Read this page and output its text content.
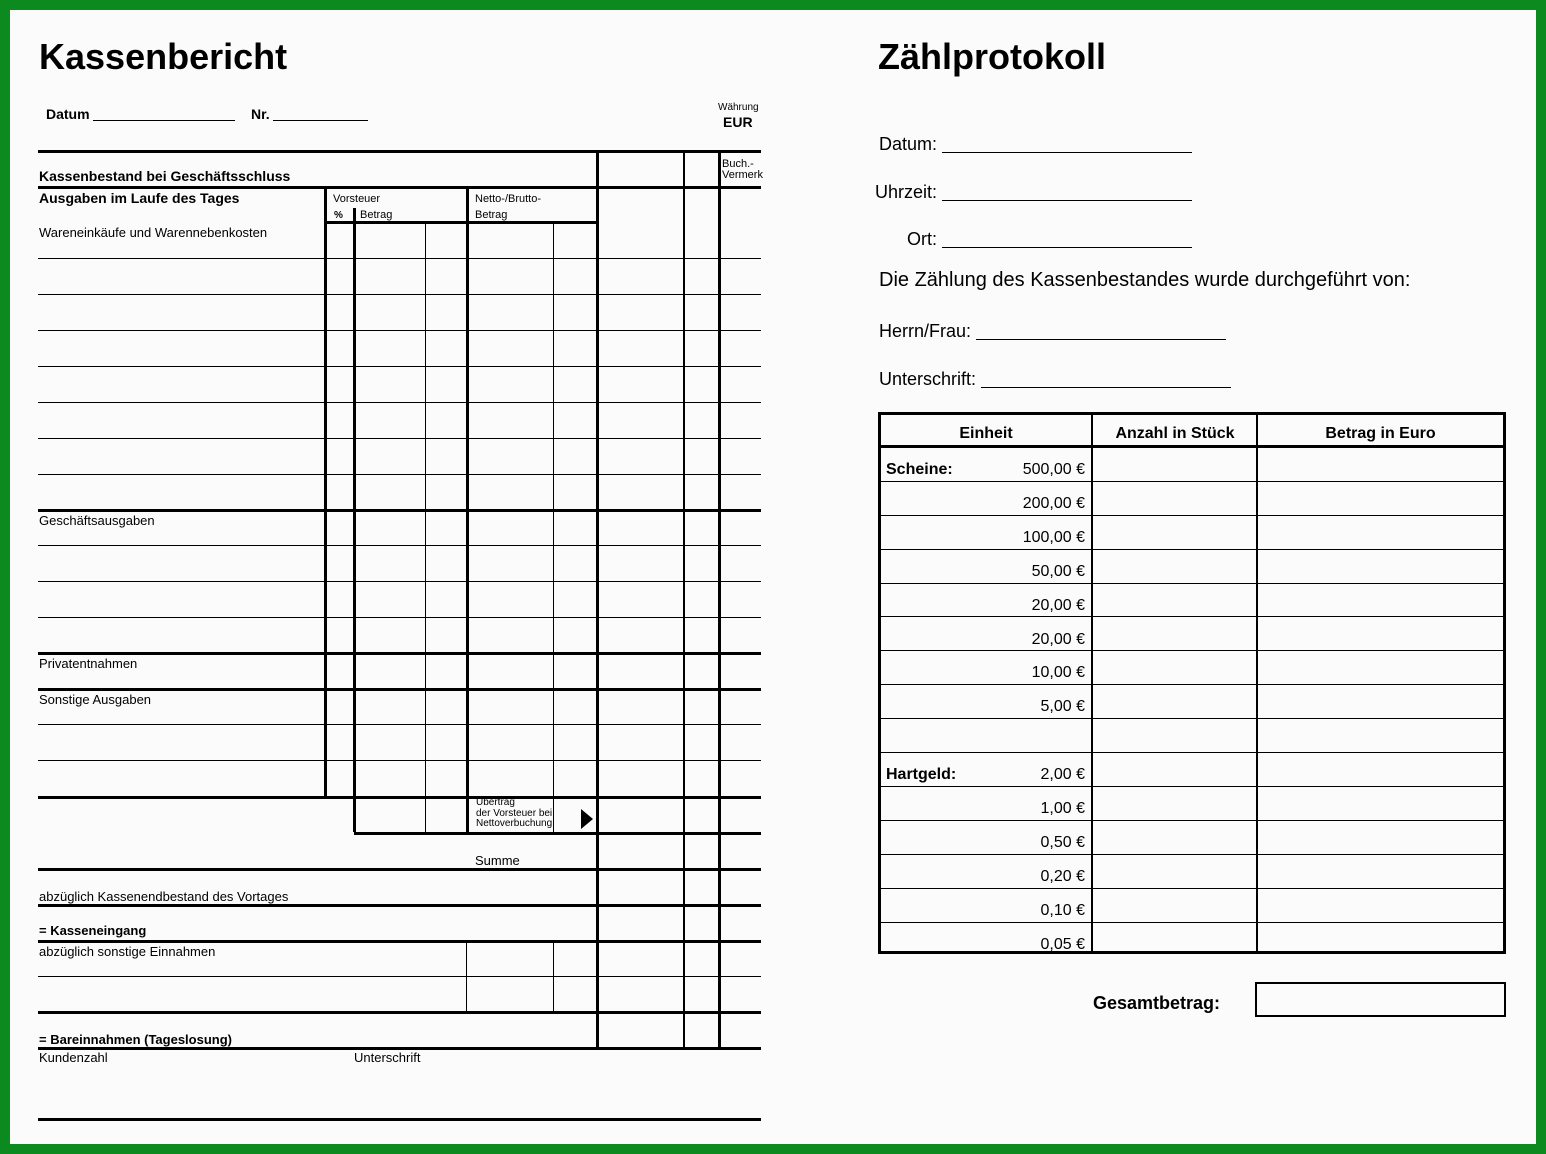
Kassenbericht
Datum	Nr.	Währung
EUR
Buch.-
Vermerk
Kassenbestand bei Geschäftsschluss
Ausgaben im Laufe des Tages	Vorsteuer
% Betrag
Netto-/Brutto-
Betrag
Wareneinkäufe und Warennebenkosten
Geschäftsausgaben
Privatentnahmen
Sonstige Ausgaben
Übertrag
der Vorsteuer bei
Nettoverbuchung
Summe
abzüglich Kassenendbestand des Vortages
= Kasseneingang
abzüglich sonstige Einnahmen
= Bareinnahmen (Tageslosung)
Kundenzahl	Unterschrift
Zählprotokoll
Datum:
Uhrzeit:
Ort:
Die Zählung des Kassenbestandes wurde durchgeführt von:
Herrn/Frau:
Unterschrift:
Einheit	Anzahl in Stück	Betrag in Euro
Scheine:	500,00 €
200,00 €
100,00 €
50,00 €
20,00 €
20,00 €
10,00 €
5,00 €
Hartgeld:	2,00 €
1,00 €
0,50 €
0,20 €
0,10 €
0,05 €
Gesamtbetrag:
